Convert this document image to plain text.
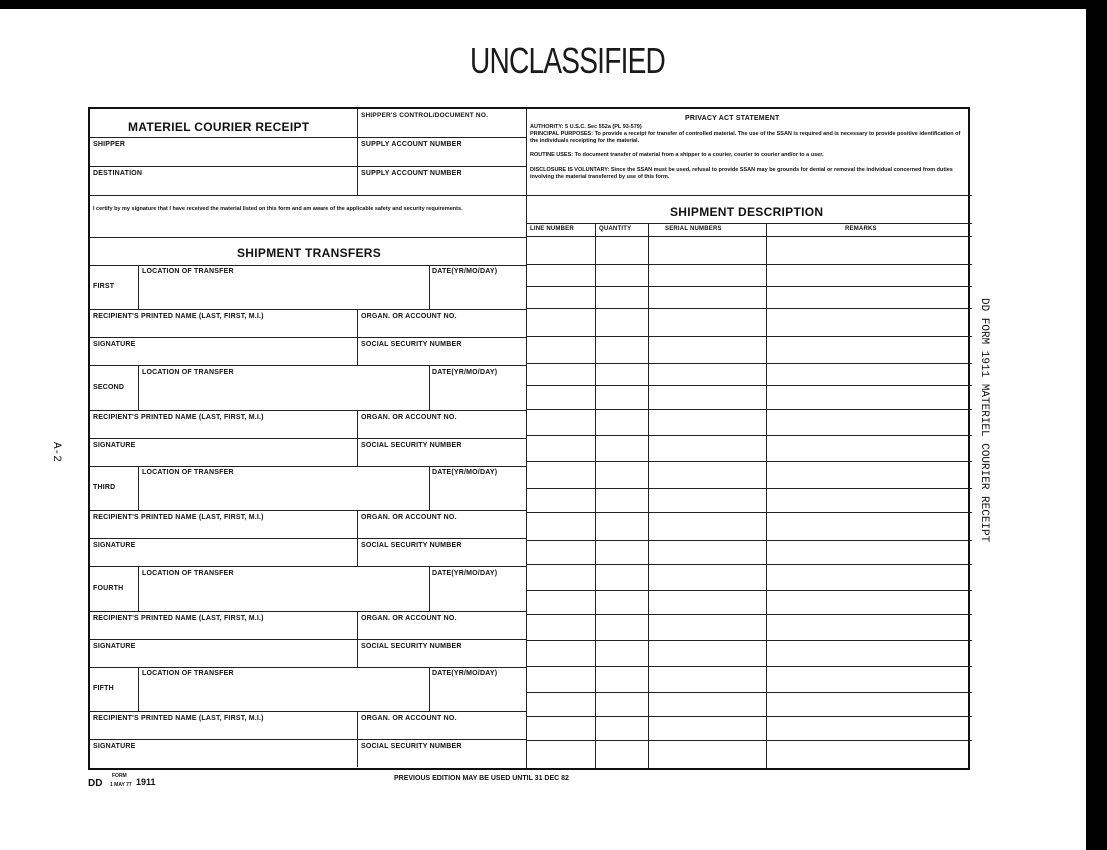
UNCLASSIFIED
A-2	DD FORM 1911 MATERIEL COURIER RECEIPT
MATERIEL COURIER RECEIPT
SHIPPER'S CONTROL/DOCUMENT NO.
SHIPPER	SUPPLY ACCOUNT NUMBER
DESTINATION	SUPPLY ACCOUNT NUMBER
I certify by my signature that I have received the material listed on this form and am aware of the applicable safety and security requirements.
SHIPMENT TRANSFERS
PRIVACY ACT STATEMENT
AUTHORITY: 5 U.S.C. Sec 552a (PL 93-579)
PRINCIPAL PURPOSES: To provide a receipt for transfer of controlled material. The use of the SSAN is required and is necessary to provide positive identification of the individuals receipting for the material.
ROUTINE USES: To document transfer of material from a shipper to a courier, courier to courier and/or to a user.
DISCLOSURE IS VOLUNTARY: Since the SSAN must be used, refusal to provide SSAN may be grounds for denial or removal the individual concerned from duties involving the material transferred by use of this form.
SHIPMENT DESCRIPTION
LINE NUMBER	QUANTITY	SERIAL NUMBERS	REMARKS
FIRST
LOCATION OF TRANSFER	DATE(YR/MO/DAY)
RECIPIENT'S PRINTED NAME (LAST, FIRST, M.I.)	ORGAN. OR ACCOUNT NO.
SIGNATURE	SOCIAL SECURITY NUMBER
SECOND
LOCATION OF TRANSFER	DATE(YR/MO/DAY)
RECIPIENT'S PRINTED NAME (LAST, FIRST, M.I.)	ORGAN. OR ACCOUNT NO.
SIGNATURE	SOCIAL SECURITY NUMBER
THIRD
LOCATION OF TRANSFER	DATE(YR/MO/DAY)
RECIPIENT'S PRINTED NAME (LAST, FIRST, M.I.)	ORGAN. OR ACCOUNT NO.
SIGNATURE	SOCIAL SECURITY NUMBER
FOURTH
LOCATION OF TRANSFER	DATE(YR/MO/DAY)
RECIPIENT'S PRINTED NAME (LAST, FIRST, M.I.)	ORGAN. OR ACCOUNT NO.
SIGNATURE	SOCIAL SECURITY NUMBER
FIFTH
LOCATION OF TRANSFER	DATE(YR/MO/DAY)
RECIPIENT'S PRINTED NAME (LAST, FIRST, M.I.)	ORGAN. OR ACCOUNT NO.
SIGNATURE	SOCIAL SECURITY NUMBER
DD
FORM
1 MAY 77 1911	PREVIOUS EDITION MAY BE USED UNTIL 31 DEC 82
